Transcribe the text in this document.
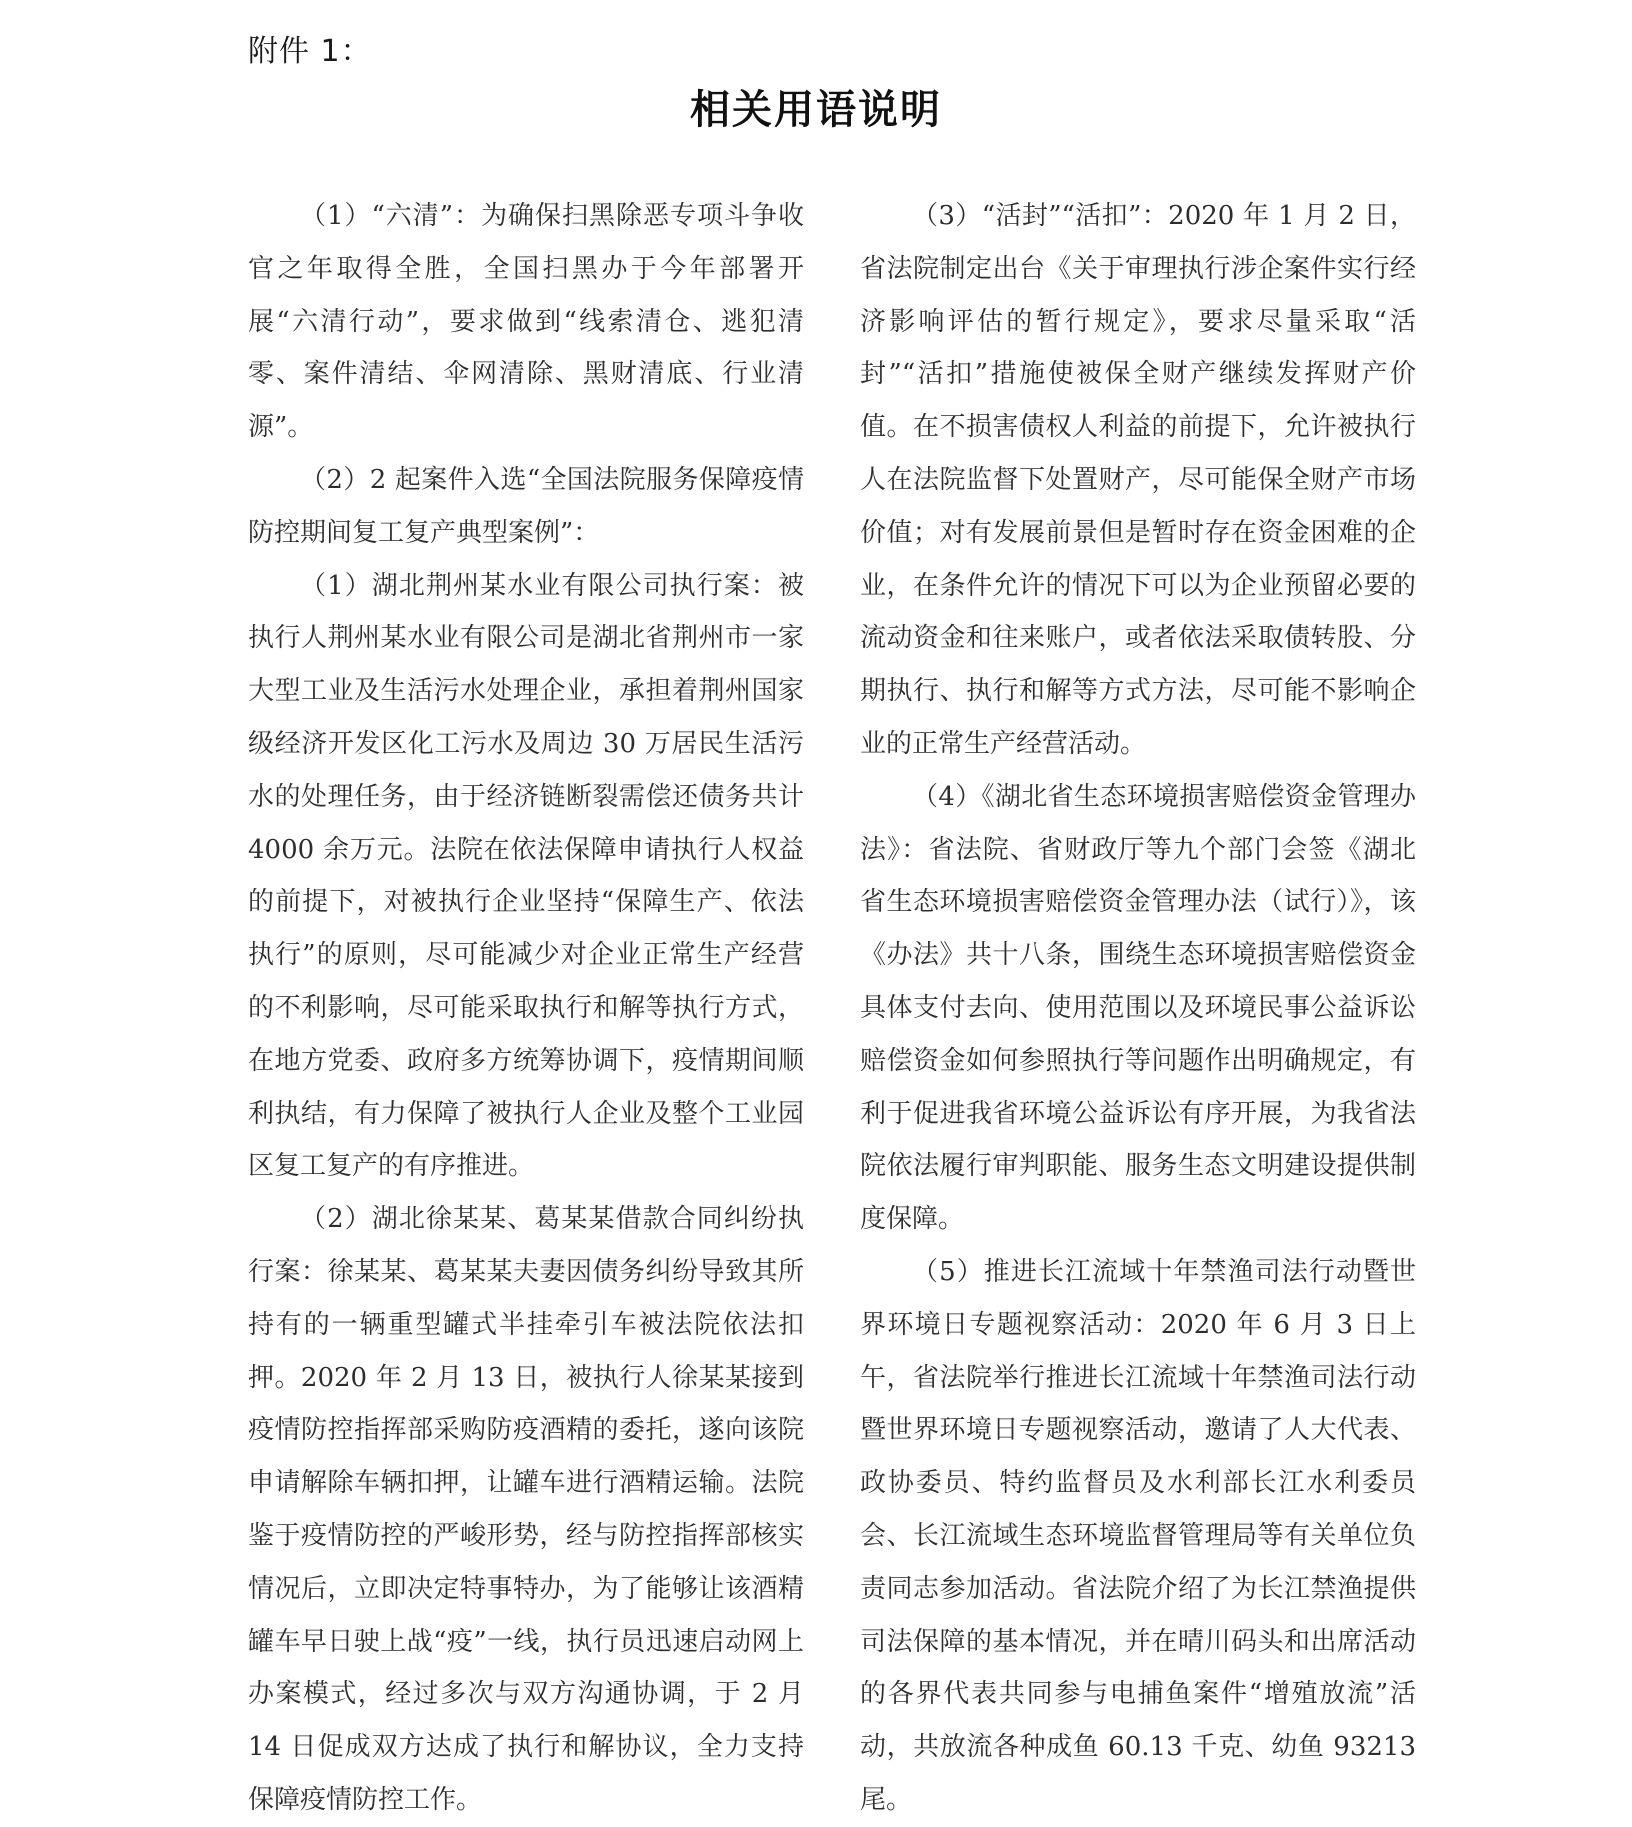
附件 1：
相关用语说明

（1）“六清”：为确保扫黑除恶专项斗争收官之年取得全胜，全国扫黑办于今年部署开展“六清行动”，要求做到“线索清仓、逃犯清零、案件清结、伞网清除、黑财清底、行业清源”。

（2）2 起案件入选“全国法院服务保障疫情防控期间复工复产典型案例”：

（1）湖北荆州某水业有限公司执行案：被执行人荆州某水业有限公司是湖北省荆州市一家大型工业及生活污水处理企业，承担着荆州国家级经济开发区化工污水及周边 30 万居民生活污水的处理任务，由于经济链断裂需偿还债务共计 4000 余万元。法院在依法保障申请执行人权益的前提下，对被执行企业坚持“保障生产、依法执行”的原则，尽可能减少对企业正常生产经营的不利影响，尽可能采取执行和解等执行方式，在地方党委、政府多方统筹协调下，疫情期间顺利执结，有力保障了被执行人企业及整个工业园区复工复产的有序推进。

（2）湖北徐某某、葛某某借款合同纠纷执行案：徐某某、葛某某夫妻因债务纠纷导致其所持有的一辆重型罐式半挂牵引车被法院依法扣押。2020 年 2 月 13 日，被执行人徐某某接到疫情防控指挥部采购防疫酒精的委托，遂向该院申请解除车辆扣押，让罐车进行酒精运输。法院鉴于疫情防控的严峻形势，经与防控指挥部核实情况后，立即决定特事特办，为了能够让该酒精罐车早日驶上战“疫”一线，执行员迅速启动网上办案模式，经过多次与双方沟通协调，于 2 月 14 日促成双方达成了执行和解协议，全力支持保障疫情防控工作。

（3）“活封”“活扣”：2020 年 1 月 2 日，省法院制定出台《关于审理执行涉企案件实行经济影响评估的暂行规定》，要求尽量采取“活封”“活扣”措施使被保全财产继续发挥财产价值。在不损害债权人利益的前提下，允许被执行人在法院监督下处置财产，尽可能保全财产市场价值；对有发展前景但是暂时存在资金困难的企业，在条件允许的情况下可以为企业预留必要的流动资金和往来账户，或者依法采取债转股、分期执行、执行和解等方式方法，尽可能不影响企业的正常生产经营活动。

（4）《湖北省生态环境损害赔偿资金管理办法》：省法院、省财政厅等九个部门会签《湖北省生态环境损害赔偿资金管理办法（试行）》，该《办法》共十八条，围绕生态环境损害赔偿资金具体支付去向、使用范围以及环境民事公益诉讼赔偿资金如何参照执行等问题作出明确规定，有利于促进我省环境公益诉讼有序开展，为我省法院依法履行审判职能、服务生态文明建设提供制度保障。

（5）推进长江流域十年禁渔司法行动暨世界环境日专题视察活动：2020 年 6 月 3 日上午，省法院举行推进长江流域十年禁渔司法行动暨世界环境日专题视察活动，邀请了人大代表、政协委员、特约监督员及水利部长江水利委员会、长江流域生态环境监督管理局等有关单位负责同志参加活动。省法院介绍了为长江禁渔提供司法保障的基本情况，并在晴川码头和出席活动的各界代表共同参与电捕鱼案件“增殖放流”活动，共放流各种成鱼 60.13 千克、幼鱼 93213 尾。
